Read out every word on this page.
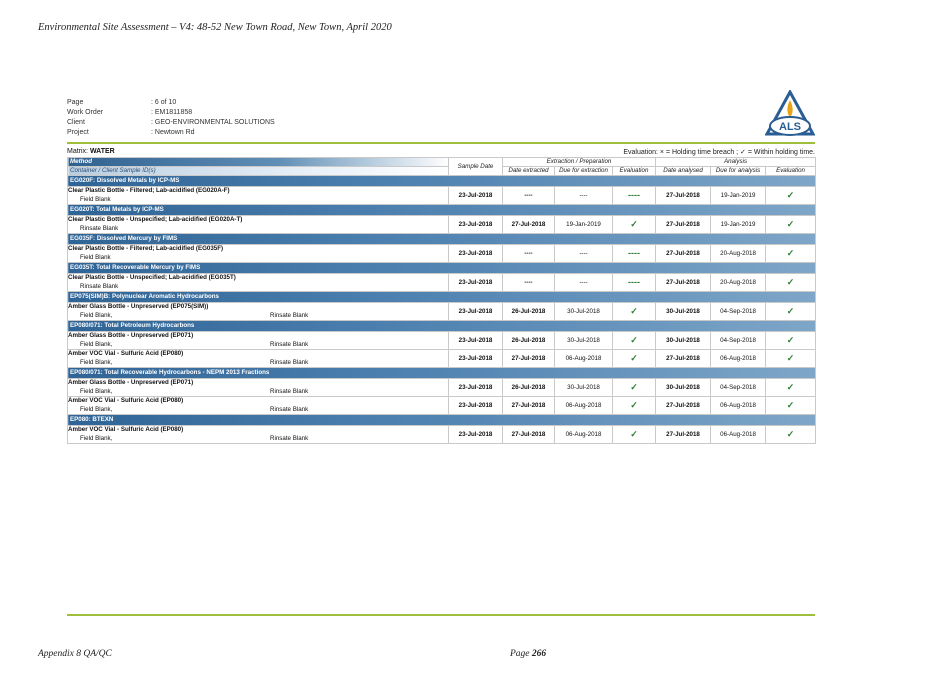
Environmental Site Assessment – V4: 48-52 New Town Road, New Town, April 2020
Page	: 6 of 10
Work Order	: EM1811858
Client	: GEO-ENVIRONMENTAL SOLUTIONS
Project	: Newtown Rd	ALS
Matrix: WATER	Evaluation: × = Holding time breach ; ✓ = Within holding time.
Method	Sample Date	Extraction / Preparation			Analysis		
Container / Client Sample ID(s)		Date extracted	Due for extraction	Evaluation	Date analysed	Due for analysis	Evaluation
EG020F: Dissolved Metals by ICP-MS							

Clear Plastic Bottle - Filtered; Lab-acidified (EG020A-F)
Field Blank	23-Jul-2018	----	----	----	27-Jul-2018	19-Jan-2019	✓
EG020T: Total Metals by ICP-MS							

Clear Plastic Bottle - Unspecified; Lab-acidified (EG020A-T)
Rinsate Blank	23-Jul-2018	27-Jul-2018	19-Jan-2019	✓	27-Jul-2018	19-Jan-2019	✓
EG035F: Dissolved Mercury by FIMS							

Clear Plastic Bottle - Filtered; Lab-acidified (EG035F)
Field Blank	23-Jul-2018	----	----	----	27-Jul-2018	20-Aug-2018	✓
EG035T: Total Recoverable Mercury by FIMS							

Clear Plastic Bottle - Unspecified; Lab-acidified (EG035T)
Rinsate Blank	23-Jul-2018	----	----	----	27-Jul-2018	20-Aug-2018	✓
EP075(SIM)B: Polynuclear Aromatic Hydrocarbons							

Amber Glass Bottle - Unpreserved (EP075(SIM))
Field Blank, Rinsate Blank	23-Jul-2018	26-Jul-2018	30-Jul-2018	✓	30-Jul-2018	04-Sep-2018	✓
EP080/071: Total Petroleum Hydrocarbons							

Amber Glass Bottle - Unpreserved (EP071)
Field Blank, Rinsate Blank	23-Jul-2018	26-Jul-2018	30-Jul-2018	✓	30-Jul-2018	04-Sep-2018	✓

Amber VOC Vial - Sulfuric Acid (EP080)
Field Blank, Rinsate Blank	23-Jul-2018	27-Jul-2018	06-Aug-2018	✓	27-Jul-2018	06-Aug-2018	✓
EP080/071: Total Recoverable Hydrocarbons - NEPM 2013 Fractions							

Amber Glass Bottle - Unpreserved (EP071)
Field Blank, Rinsate Blank	23-Jul-2018	26-Jul-2018	30-Jul-2018	✓	30-Jul-2018	04-Sep-2018	✓

Amber VOC Vial - Sulfuric Acid (EP080)
Field Blank, Rinsate Blank	23-Jul-2018	27-Jul-2018	06-Aug-2018	✓	27-Jul-2018	06-Aug-2018	✓
EP080: BTEXN							

Amber VOC Vial - Sulfuric Acid (EP080)
Field Blank, Rinsate Blank	23-Jul-2018	27-Jul-2018	06-Aug-2018	✓	27-Jul-2018	06-Aug-2018	✓
Appendix 8 QA/QC	Page 266
